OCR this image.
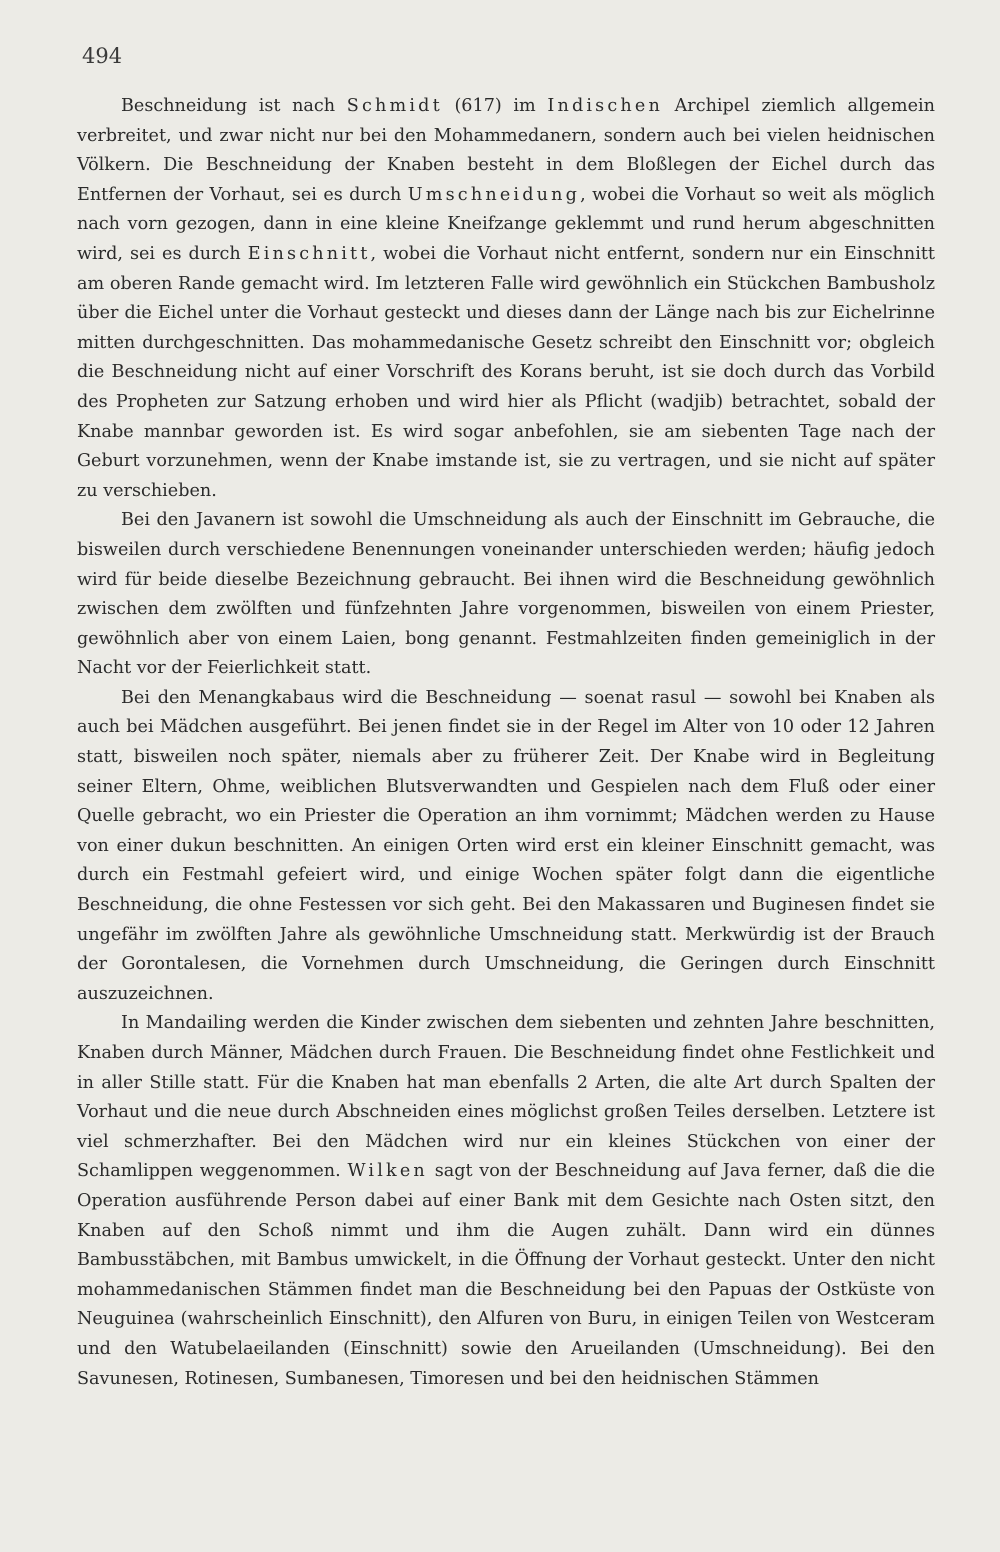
494

Beschneidung ist nach Schmidt (617) im Indischen Archipel ziemlich allgemein verbreitet, und zwar nicht nur bei den Mohammedanern, sondern auch bei vielen heidnischen Völkern. Die Beschneidung der Knaben besteht in dem Bloßlegen der Eichel durch das Entfernen der Vorhaut, sei es durch Umschneidung, wobei die Vorhaut so weit als möglich nach vorn gezogen, dann in eine kleine Kneifzange geklemmt und rund herum abgeschnitten wird, sei es durch Einschnitt, wobei die Vorhaut nicht entfernt, sondern nur ein Einschnitt am oberen Rande gemacht wird. Im letzteren Falle wird gewöhnlich ein Stückchen Bambusholz über die Eichel unter die Vorhaut gesteckt und dieses dann der Länge nach bis zur Eichelrinne mitten durchgeschnitten. Das mohammedanische Gesetz schreibt den Einschnitt vor; obgleich die Beschneidung nicht auf einer Vorschrift des Korans beruht, ist sie doch durch das Vorbild des Propheten zur Satzung erhoben und wird hier als Pflicht (wadjib) betrachtet, sobald der Knabe mannbar geworden ist. Es wird sogar anbefohlen, sie am siebenten Tage nach der Geburt vorzunehmen, wenn der Knabe imstande ist, sie zu vertragen, und sie nicht auf später zu verschieben.

Bei den Javanern ist sowohl die Umschneidung als auch der Einschnitt im Gebrauche, die bisweilen durch verschiedene Benennungen voneinander unterschieden werden; häufig jedoch wird für beide dieselbe Bezeichnung gebraucht. Bei ihnen wird die Beschneidung gewöhnlich zwischen dem zwölften und fünfzehnten Jahre vorgenommen, bisweilen von einem Priester, gewöhnlich aber von einem Laien, bong genannt. Festmahlzeiten finden gemeiniglich in der Nacht vor der Feierlichkeit statt.

Bei den Menangkabaus wird die Beschneidung — soenat rasul — sowohl bei Knaben als auch bei Mädchen ausgeführt. Bei jenen findet sie in der Regel im Alter von 10 oder 12 Jahren statt, bisweilen noch später, niemals aber zu früherer Zeit. Der Knabe wird in Begleitung seiner Eltern, Ohme, weiblichen Blutsverwandten und Gespielen nach dem Fluß oder einer Quelle gebracht, wo ein Priester die Operation an ihm vornimmt; Mädchen werden zu Hause von einer dukun beschnitten. An einigen Orten wird erst ein kleiner Einschnitt gemacht, was durch ein Festmahl gefeiert wird, und einige Wochen später folgt dann die eigentliche Beschneidung, die ohne Festessen vor sich geht. Bei den Makassaren und Buginesen findet sie ungefähr im zwölften Jahre als gewöhnliche Umschneidung statt. Merkwürdig ist der Brauch der Gorontalesen, die Vornehmen durch Umschneidung, die Geringen durch Einschnitt auszuzeichnen.

In Mandailing werden die Kinder zwischen dem siebenten und zehnten Jahre beschnitten, Knaben durch Männer, Mädchen durch Frauen. Die Beschneidung findet ohne Festlichkeit und in aller Stille statt. Für die Knaben hat man ebenfalls 2 Arten, die alte Art durch Spalten der Vorhaut und die neue durch Abschneiden eines möglichst großen Teiles derselben. Letztere ist viel schmerzhafter. Bei den Mädchen wird nur ein kleines Stückchen von einer der Schamlippen weggenommen. Wilken sagt von der Beschneidung auf Java ferner, daß die die Operation ausführende Person dabei auf einer Bank mit dem Gesichte nach Osten sitzt, den Knaben auf den Schoß nimmt und ihm die Augen zuhält. Dann wird ein dünnes Bambusstäbchen, mit Bambus umwickelt, in die Öffnung der Vorhaut gesteckt. Unter den nicht mohammedanischen Stämmen findet man die Beschneidung bei den Papuas der Ostküste von Neuguinea (wahrscheinlich Einschnitt), den Alfuren von Buru, in einigen Teilen von Westceram und den Watubelaeilanden (Einschnitt) sowie den Arueilanden (Umschneidung). Bei den Savunesen, Rotinesen, Sumbanesen, Timoresen und bei den heidnischen Stämmen
